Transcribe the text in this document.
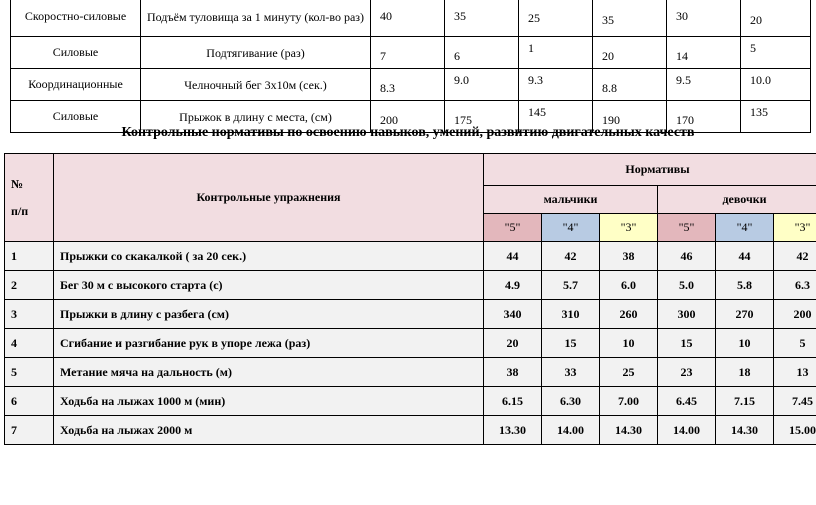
Скоростно-силовые	Подъём туловища за 1 минуту (кол-во раз)	40	35	25	35	30	20
Силовые	Подтягивание (раз)	7	6	1	20	14	5
Координационные	Челночный бег 3х10м (сек.)	8.3	9.0	9.3	8.8	9.5	10.0
Силовые	Прыжок в длину с места, (см)	200	175	145	190	170	135
Контрольные нормативы по освоению навыков, умений, развитию двигательных качеств
№
п/п	Контрольные упражнения	Нормативы					
		мальчики			девочки		
		"5"	"4"	"3"	"5"	"4"	"3"
1	Прыжки со скакалкой ( за 20 сек.)	44	42	38	46	44	42
2	Бег 30 м с высокого старта (с)	4.9	5.7	6.0	5.0	5.8	6.3
3	Прыжки в длину с разбега (см)	340	310	260	300	270	200
4	Сгибание и разгибание рук в упоре лежа (раз)	20	15	10	15	10	5
5	Метание мяча на дальность (м)	38	33	25	23	18	13
6	Ходьба на лыжах 1000 м (мин)	6.15	6.30	7.00	6.45	7.15	7.45
7	Ходьба на лыжах 2000 м	13.30	14.00	14.30	14.00	14.30	15.00
